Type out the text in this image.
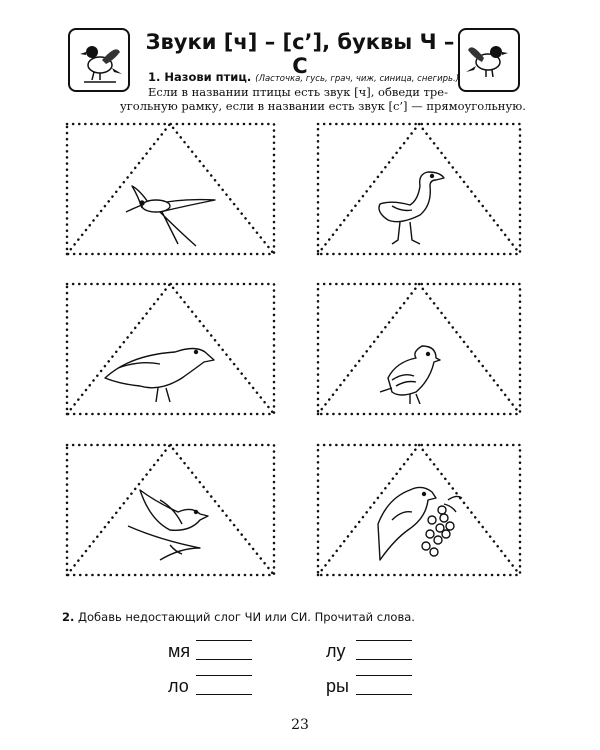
Звуки [ч] – [с’], буквы Ч – С
1. Назови птиц. (Ласточка, гусь, грач, чиж, синица, снегирь.)
Если в названии птицы есть звук [ч], обведи тре-
угольную рамку, если в названии есть звук [с’] — прямоугольную.
2. Добавь недостающий слог ЧИ или СИ. Прочитай слова.
мя	лу
ло	ры
23
